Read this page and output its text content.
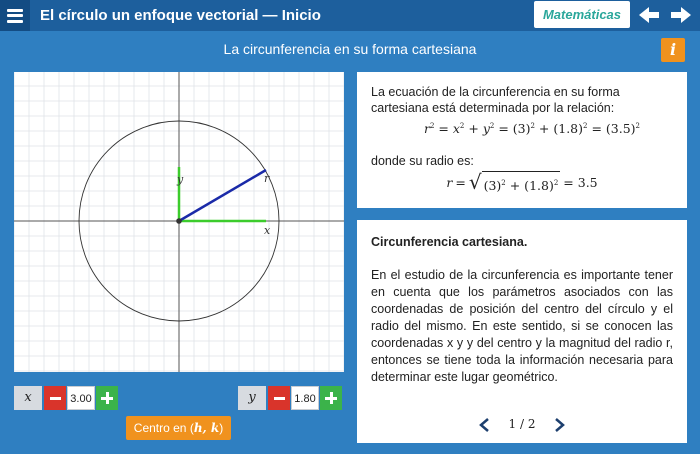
El círculo un enfoque vectorial — Inicio	Matemáticas
La circunferencia en su forma cartesiana	i
y
x
r
x	3.00	y	1.80
Centro en (h, k)
La ecuación de la circunferencia en su forma cartesiana está determinada por la relación:
$r^2 = x^2 + y^2 = (3)^2 + (1.8)^2 = (3.5)^2$
donde su radio es:
r = √ $(3)^2 + (1.8)^2 = 3.5$
Circunferencia cartesiana.
En el estudio de la circunferencia es importante tener en cuenta que los parámetros asociados con las coordenadas de posición del centro del círculo y el radio del mismo. En este sentido, si se conocen las coordenadas x y y del centro y la magnitud del radio r, entonces se tiene toda la información necesaria para determinar este lugar geométrico.
1 / 2
